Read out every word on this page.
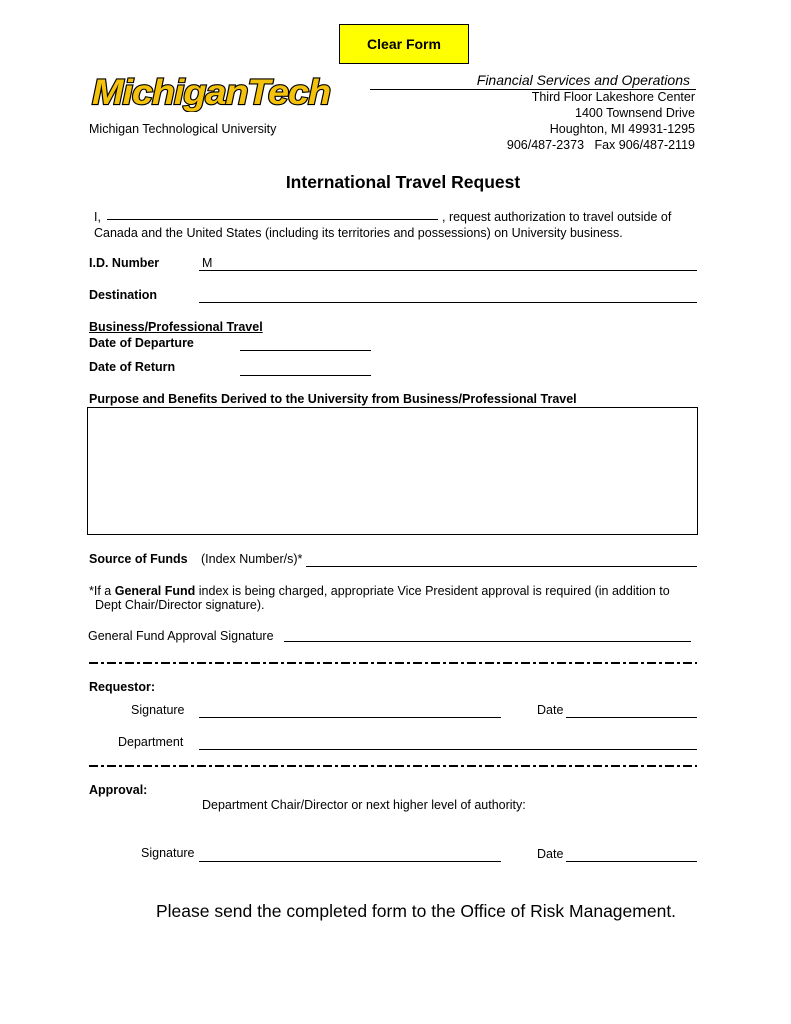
Clear Form
MichiganTech
Michigan Technological University
Financial Services and Operations
Third Floor Lakeshore Center
1400 Townsend Drive
Houghton, MI 49931-1295
906/487-2373   Fax 906/487-2119
International Travel Request
I,	, request authorization to travel outside of
Canada and the United States (including its territories and possessions) on University business.
I.D. Number	M
Destination
Business/Professional Travel
Date of Departure
Date of Return
Purpose and Benefits Derived to the University from Business/Professional Travel
Source of Funds (Index Number/s)*
*If a General Fund index is being charged, appropriate Vice President approval is required (in addition to
Dept Chair/Director signature).
General Fund Approval Signature
Requestor:
Signature	Date
Department
Approval:
Department Chair/Director or next higher level of authority:
Signature	Date
Please send the completed form to the Office of Risk Management.
